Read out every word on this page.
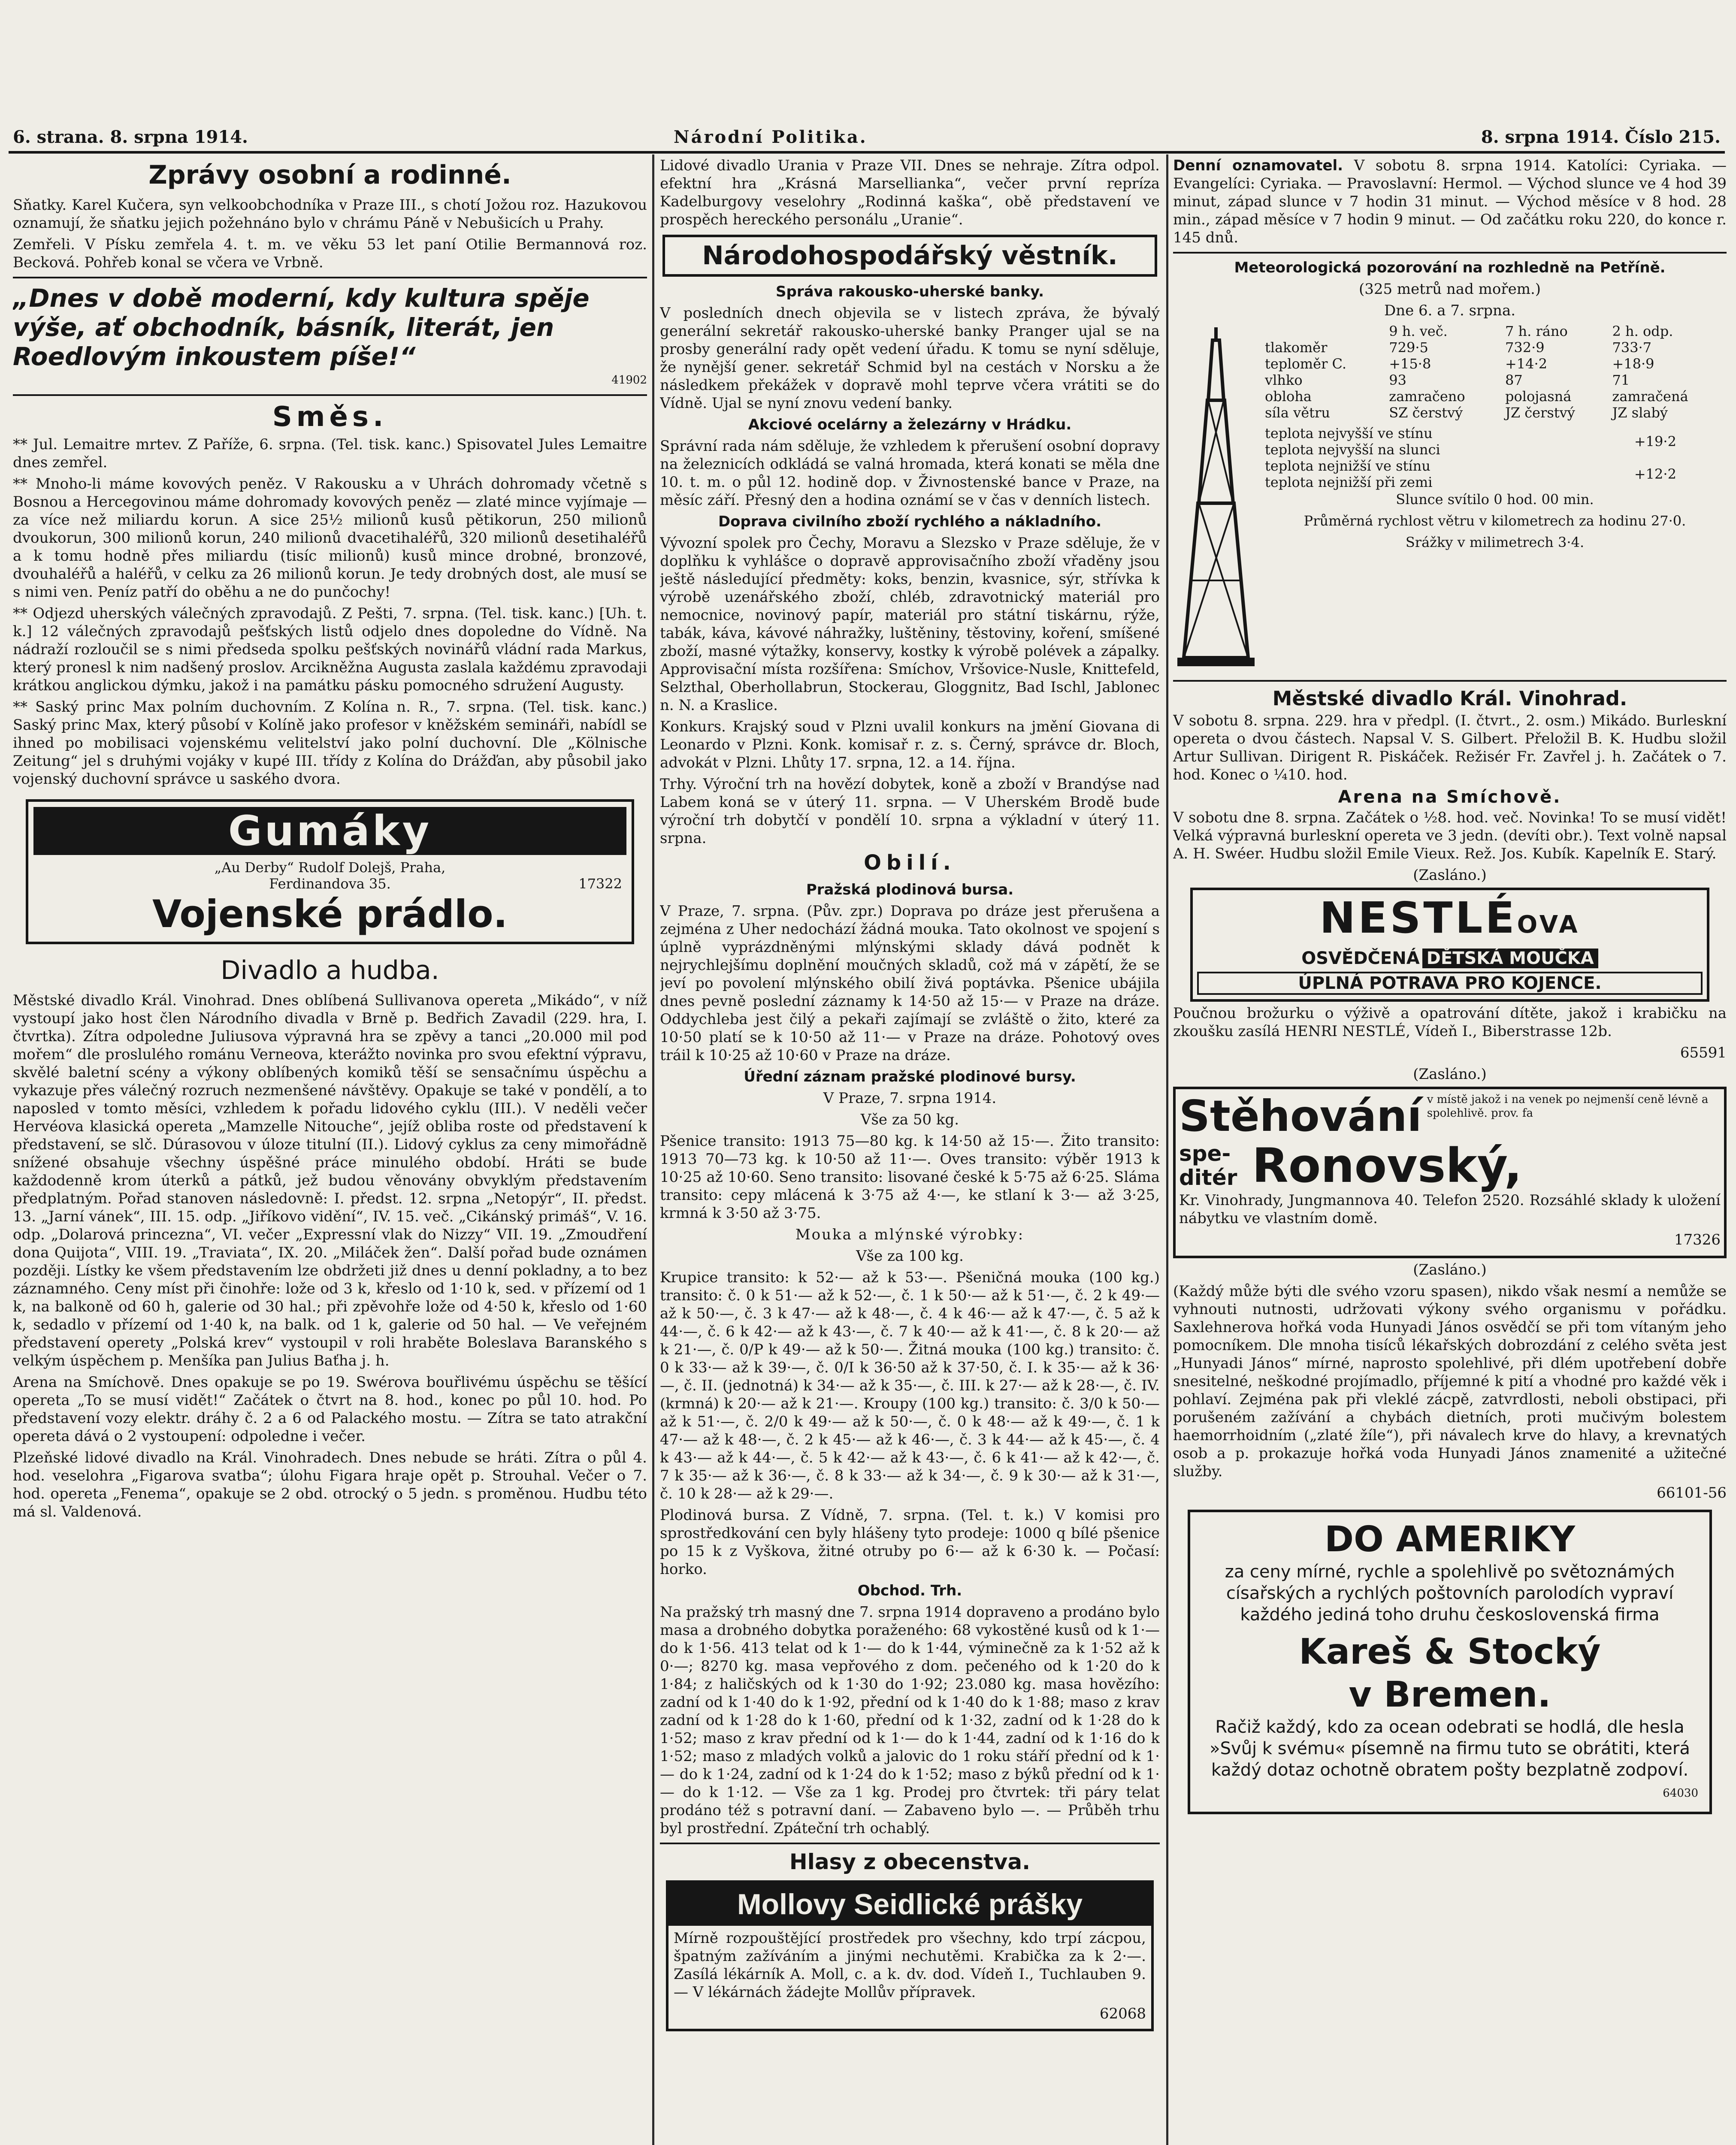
6. strana. 8. srpna 1914.	Národní Politika.	8. srpna 1914. Číslo 215.
Zprávy osobní a rodinné.

Sňatky. Karel Kučera, syn velkoobchodníka v Praze III., s chotí Jožou roz. Hazukovou oznamují, že sňatku jejich požehnáno bylo v chrámu Páně v Nebušicích u Prahy.

Zemřeli. V Písku zemřela 4. t. m. ve věku 53 let paní Otilie Bermannová roz. Becková. Pohřeb konal se včera ve Vrbně.

„Dnes v době moderní, kdy kultura spěje výše, ať obchodník, básník, literát, jen Roedlovým inkoustem píše!“

41902

Směs.

** Jul. Lemaitre mrtev. Z Paříže, 6. srpna. (Tel. tisk. kanc.) Spisovatel Jules Lemaitre dnes zemřel.

** Mnoho-li máme kovových peněz. V Rakousku a v Uhrách dohromady včetně s Bosnou a Hercegovinou máme dohromady kovových peněz — zlaté mince vyjímaje — za více než miliardu korun. A sice 25½ milionů kusů pětikorun, 250 milionů dvoukorun, 300 milionů korun, 240 milionů dvacetihaléřů, 320 milionů desetihaléřů a k tomu hodně přes miliardu (tisíc milionů) kusů mince drobné, bronzové, dvouhaléřů a haléřů, v celku za 26 milionů korun. Je tedy drobných dost, ale musí se s nimi ven. Peníz patří do oběhu a ne do punčochy!

** Odjezd uherských válečných zpravodajů. Z Pešti, 7. srpna. (Tel. tisk. kanc.) [Uh. t. k.] 12 válečných zpravodajů pešťských listů odjelo dnes dopoledne do Vídně. Na nádraží rozloučil se s nimi předseda spolku pešťských novinářů vládní rada Markus, který pronesl k nim nadšený proslov. Arcikněžna Augusta zaslala každému zpravodaji krátkou anglickou dýmku, jakož i na památku pásku pomocného sdružení Augusty.

** Saský princ Max polním duchovním. Z Kolína n. R., 7. srpna. (Tel. tisk. kanc.) Saský princ Max, který působí v Kolíně jako profesor v kněžském semináři, nabídl se ihned po mobilisaci vojenskému velitelství jako polní duchovní. Dle „Kölnische Zeitung“ jel s druhými vojáky v kupé III. třídy z Kolína do Drážďan, aby působil jako vojenský duchovní správce u saského dvora.

Gumáky
„Au Derby“ Rudolf Dolejš, Praha,
Ferdinandova 35.	17322
Vojenské prádlo.
Divadlo a hudba.

Městské divadlo Král. Vinohrad. Dnes oblíbená Sullivanova opereta „Mikádo“, v níž vystoupí jako host člen Národního divadla v Brně p. Bedřich Zavadil (229. hra, I. čtvrtka). Zítra odpoledne Juliusova výpravná hra se zpěvy a tanci „20.000 mil pod mořem“ dle proslulého románu Verneova, kterážto novinka pro svou efektní výpravu, skvělé baletní scény a výkony oblíbených komiků těší se sensačnímu úspěchu a vykazuje přes válečný rozruch nezmenšené návštěvy. Opakuje se také v pondělí, a to naposled v tomto měsíci, vzhledem k pořadu lidového cyklu (III.). V neděli večer Hervéova klasická opereta „Mamzelle Nitouche“, jejíž obliba roste od představení k představení, se slč. Dúrasovou v úloze titulní (II.). Lidový cyklus za ceny mimořádně snížené obsahuje všechny úspěšné práce minulého období. Hráti se bude každodenně krom úterků a pátků, jež budou věnovány obvyklým představením předplatným. Pořad stanoven následovně: I. předst. 12. srpna „Netopýr“, II. předst. 13. „Jarní vánek“, III. 15. odp. „Jiříkovo vidění“, IV. 15. več. „Cikánský primáš“, V. 16. odp. „Dolarová princezna“, VI. večer „Expressní vlak do Nizzy“ VII. 19. „Zmoudření dona Quijota“, VIII. 19. „Traviata“, IX. 20. „Miláček žen“. Další pořad bude oznámen později. Lístky ke všem představením lze obdržeti již dnes u denní pokladny, a to bez záznamného. Ceny míst při činohře: lože od 3 k, křeslo od 1·10 k, sed. v přízemí od 1 k, na balkoně od 60 h, galerie od 30 hal.; při zpěvohře lože od 4·50 k, křeslo od 1·60 k, sedadlo v přízemí od 1·40 k, na balk. od 1 k, galerie od 50 hal. — Ve veřejném představení operety „Polská krev“ vystoupil v roli hraběte Boleslava Baranského s velkým úspěchem p. Menšíka pan Julius Baťha j. h.

Arena na Smíchově. Dnes opakuje se po 19. Swérova bouřlivému úspěchu se těšící opereta „To se musí vidět!“ Začátek o čtvrt na 8. hod., konec po půl 10. hod. Po představení vozy elektr. dráhy č. 2 a 6 od Palackého mostu. — Zítra se tato atrakční opereta dává o 2 vystoupení: odpoledne i večer.

Plzeňské lidové divadlo na Král. Vinohradech. Dnes nebude se hráti. Zítra o půl 4. hod. veselohra „Figarova svatba“; úlohu Figara hraje opět p. Strouhal. Večer o 7. hod. opereta „Fenema“, opakuje se 2 obd. otrocký o 5 jedn. s proměnou. Hudbu této má sl. Valdenová.

Lidové divadlo Urania v Praze VII. Dnes se nehraje. Zítra odpol. efektní hra „Krásná Marsellianka“, večer první repríza Kadelburgovy veselohry „Rodinná kaška“, obě představení ve prospěch hereckého personálu „Uranie“.

Národohospodářský věstník.

Správa rakousko-uherské banky.

V posledních dnech objevila se v listech zpráva, že bývalý generální sekretář rakousko-uherské banky Pranger ujal se na prosby generální rady opět vedení úřadu. K tomu se nyní sděluje, že nynější gener. sekretář Schmid byl na cestách v Norsku a že následkem překážek v dopravě mohl teprve včera vrátiti se do Vídně. Ujal se nyní znovu vedení banky.

Akciové ocelárny a železárny v Hrádku.

Správní rada nám sděluje, že vzhledem k přerušení osobní dopravy na železnicích odkládá se valná hromada, která konati se měla dne 10. t. m. o půl 12. hodině dop. v Živnostenské bance v Praze, na měsíc září. Přesný den a hodina oznámí se v čas v denních listech.

Doprava civilního zboží rychlého a nákladního.

Vývozní spolek pro Čechy, Moravu a Slezsko v Praze sděluje, že v doplňku k vyhlášce o dopravě approvisačního zboží vřaděny jsou ještě následující předměty: koks, benzin, kvasnice, sýr, střívka k výrobě uzenářského zboží, chléb, zdravotnický materiál pro nemocnice, novinový papír, materiál pro státní tiskárnu, rýže, tabák, káva, kávové náhražky, luštěniny, těstoviny, koření, smíšené zboží, masné výtažky, konservy, kostky k výrobě polévek a zápalky. Approvisační místa rozšířena: Smíchov, Vršovice-Nusle, Knittefeld, Selzthal, Oberhollabrun, Stockerau, Gloggnitz, Bad Ischl, Jablonec n. N. a Kraslice.

Konkurs. Krajský soud v Plzni uvalil konkurs na jmění Giovana di Leonardo v Plzni. Konk. komisař r. z. s. Černý, správce dr. Bloch, advokát v Plzni. Lhůty 17. srpna, 12. a 14. října.

Trhy. Výroční trh na hovězí dobytek, koně a zboží v Brandýse nad Labem koná se v úterý 11. srpna. — V Uherském Brodě bude výroční trh dobytčí v pondělí 10. srpna a výkladní v úterý 11. srpna.

Obilí.

Pražská plodinová bursa.

V Praze, 7. srpna. (Pův. zpr.) Doprava po dráze jest přerušena a zejména z Uher nedochází žádná mouka. Tato okolnost ve spojení s úplně vyprázdněnými mlýnskými sklady dává podnět k nejrychlejšímu doplnění moučných skladů, což má v zápětí, že se jeví po povolení mlýnského obilí živá poptávka. Pšenice ubájila dnes pevně poslední záznamy k 14·50 až 15·— v Praze na dráze. Oddychleba jest čilý a pekaři zajímají se zvláště o žito, které za 10·50 platí se k 10·50 až 11·— v Praze na dráze. Pohotový oves tráil k 10·25 až 10·60 v Praze na dráze.

Úřední záznam pražské plodinové bursy.

V Praze, 7. srpna 1914.

Vše za 50 kg.

Pšenice transito: 1913 75—80 kg. k 14·50 až 15·—. Žito transito: 1913 70—73 kg. k 10·50 až 11·—. Oves transito: výběr 1913 k 10·25 až 10·60. Seno transito: lisované české k 5·75 až 6·25. Sláma transito: cepy mlácená k 3·75 až 4·—, ke stlaní k 3·— až 3·25, krmná k 3·50 až 3·75.

Mouka a mlýnské výrobky:

Vše za 100 kg.

Krupice transito: k 52·— až k 53·—. Pšeničná mouka (100 kg.) transito: č. 0 k 51·— až k 52·—, č. 1 k 50·— až k 51·—, č. 2 k 49·— až k 50·—, č. 3 k 47·— až k 48·—, č. 4 k 46·— až k 47·—, č. 5 až k 44·—, č. 6 k 42·— až k 43·—, č. 7 k 40·— až k 41·—, č. 8 k 20·— až k 21·—, č. 0/P k 49·— až k 50·—. Žitná mouka (100 kg.) transito: č. 0 k 33·— až k 39·—, č. 0/I k 36·50 až k 37·50, č. I. k 35·— až k 36·—, č. II. (jednotná) k 34·— až k 35·—, č. III. k 27·— až k 28·—, č. IV. (krmná) k 20·— až k 21·—. Kroupy (100 kg.) transito: č. 3/0 k 50·— až k 51·—, č. 2/0 k 49·— až k 50·—, č. 0 k 48·— až k 49·—, č. 1 k 47·— až k 48·—, č. 2 k 45·— až k 46·—, č. 3 k 44·— až k 45·—, č. 4 k 43·— až k 44·—, č. 5 k 42·— až k 43·—, č. 6 k 41·— až k 42·—, č. 7 k 35·— až k 36·—, č. 8 k 33·— až k 34·—, č. 9 k 30·— až k 31·—, č. 10 k 28·— až k 29·—.

Plodinová bursa. Z Vídně, 7. srpna. (Tel. t. k.) V komisi pro sprostředkování cen byly hlášeny tyto prodeje: 1000 q bílé pšenice po 15 k z Vyškova, žitné otruby po 6·— až k 6·30 k. — Počasí: horko.

Obchod. Trh.

Na pražský trh masný dne 7. srpna 1914 dopraveno a prodáno bylo masa a drobného dobytka poraženého: 68 vykostěné kusů od k 1·— do k 1·56. 413 telat od k 1·— do k 1·44, výminečně za k 1·52 až k 0·—; 8270 kg. masa vepřového z dom. pečeného od k 1·20 do k 1·84; z haličských od k 1·30 do 1·92; 23.080 kg. masa hovězího: zadní od k 1·40 do k 1·92, přední od k 1·40 do k 1·88; maso z krav zadní od k 1·28 do k 1·60, přední od k 1·32, zadní od k 1·28 do k 1·52; maso z krav přední od k 1·— do k 1·44, zadní od k 1·16 do k 1·52; maso z mladých volků a jalovic do 1 roku stáří přední od k 1·— do k 1·24, zadní od k 1·24 do k 1·52; maso z býků přední od k 1·— do k 1·12. — Vše za 1 kg. Prodej pro čtvrtek: tři páry telat prodáno též s potravní daní. — Zabaveno bylo —. — Průběh trhu byl prostřední. Zpáteční trh ochablý.

Hlasy z obecenstva.
Mollovy Seidlické prášky

Mírně rozpouštějící prostředek pro všechny, kdo trpí zácpou, špatným zažíváním a jinými nechutěmi. Krabička za k 2·—. Zasílá lékárník A. Moll, c. a k. dv. dod. Vídeň I., Tuchlauben 9. — V lékárnách žádejte Mollův přípravek.

62068

Denní oznamovatel. V sobotu 8. srpna 1914. Katolíci: Cyriaka. — Evangelíci: Cyriaka. — Pravoslavní: Hermol. — Východ slunce ve 4 hod 39 minut, západ slunce v 7 hodin 31 minut. — Východ měsíce v 8 hod. 28 min., západ měsíce v 7 hodin 9 minut. — Od začátku roku 220, do konce r. 145 dnů.

Meteorologická pozorování na rozhledně na Petříně.

(325 metrů nad mořem.)

Dne 6. a 7. srpna.

	9 h. več.	7 h. ráno	2 h. odp.
tlakoměr	729·5	732·9	733·7
teploměr C.	+15·8	+14·2	+18·9
vlhko	93	87	71
obloha	zamračeno	polojasná	zamračená
síla větru	SZ čerstvý	JZ čerstvý	JZ slabý
teplota nejvyšší ve stínu	+19·2
teplota nejvyšší na slunci	
teplota nejnižší ve stínu	+12·2
teplota nejnižší při zemi	

Slunce svítilo 0 hod. 00 min.

Průměrná rychlost větru v kilometrech za hodinu 27·0.

Srážky v milimetrech 3·4.

Městské divadlo Král. Vinohrad.

V sobotu 8. srpna. 229. hra v předpl. (I. čtvrt., 2. osm.) Mikádo. Burleskní opereta o dvou částech. Napsal V. S. Gilbert. Přeložil B. K. Hudbu složil Artur Sullivan. Dirigent R. Piskáček. Režisér Fr. Zavřel j. h. Začátek o 7. hod. Konec o ¼10. hod.

Arena na Smíchově.

V sobotu dne 8. srpna. Začátek o ½8. hod. več. Novinka! To se musí vidět! Velká výpravná burleskní opereta ve 3 jedn. (devíti obr.). Text volně napsal A. H. Swéer. Hudbu složil Emile Vieux. Rež. Jos. Kubík. Kapelník E. Starý.

(Zasláno.)

NESTLÉOVA
OSVĚDČENÁ DĚTSKÁ MOUČKA
ÚPLNÁ POTRAVA PRO KOJENCE.

Poučnou brožurku o výživě a opatrování dítěte, jakož i krabičku na zkoušku zasílá HENRI NESTLÉ, Vídeň I., Biberstrasse 12b.

65591

(Zasláno.)

Stěhování v místě jakož i na venek po nejmenší ceně lévně a spolehlivě. prov. fa
spe-ditér Ronovský,

Kr. Vinohrady, Jungmannova 40. Telefon 2520. Rozsáhlé sklady k uložení nábytku ve vlastním domě.

17326

(Zasláno.)

(Každý může býti dle svého vzoru spasen), nikdo však nesmí a nemůže se vyhnouti nutnosti, udržovati výkony svého organismu v pořádku. Saxlehnerova hořká voda Hunyadi János osvědčí se při tom vítaným jeho pomocníkem. Dle mnoha tisíců lékařských dobrozdání z celého světa jest „Hunyadi János“ mírné, naprosto spolehlivé, při dlém upotřebení dobře snesitelné, neškodné projímadlo, příjemné k pití a vhodné pro každé věk i pohlaví. Zejména pak při vleklé zácpě, zatvrdlosti, neboli obstipaci, při porušeném zažívání a chybách dietních, proti mučivým bolestem haemorrhoidním („zlaté žíle“), při návalech krve do hlavy, a krevnatých osob a p. prokazuje hořká voda Hunyadi János znamenité a užitečné služby.

66101-56

DO AMERIKY

za ceny mírné, rychle a spolehlivě po světoznámých císařských a rychlých poštovních parolodích vypraví každého jediná toho druhu československá firma

Kareš & Stocký
v Bremen.

Račiž každý, kdo za ocean odebrati se hodlá, dle hesla »Svůj k svému« písemně na firmu tuto se obrátiti, která každý dotaz ochotně obratem pošty bezplatně zodpoví.

64030
